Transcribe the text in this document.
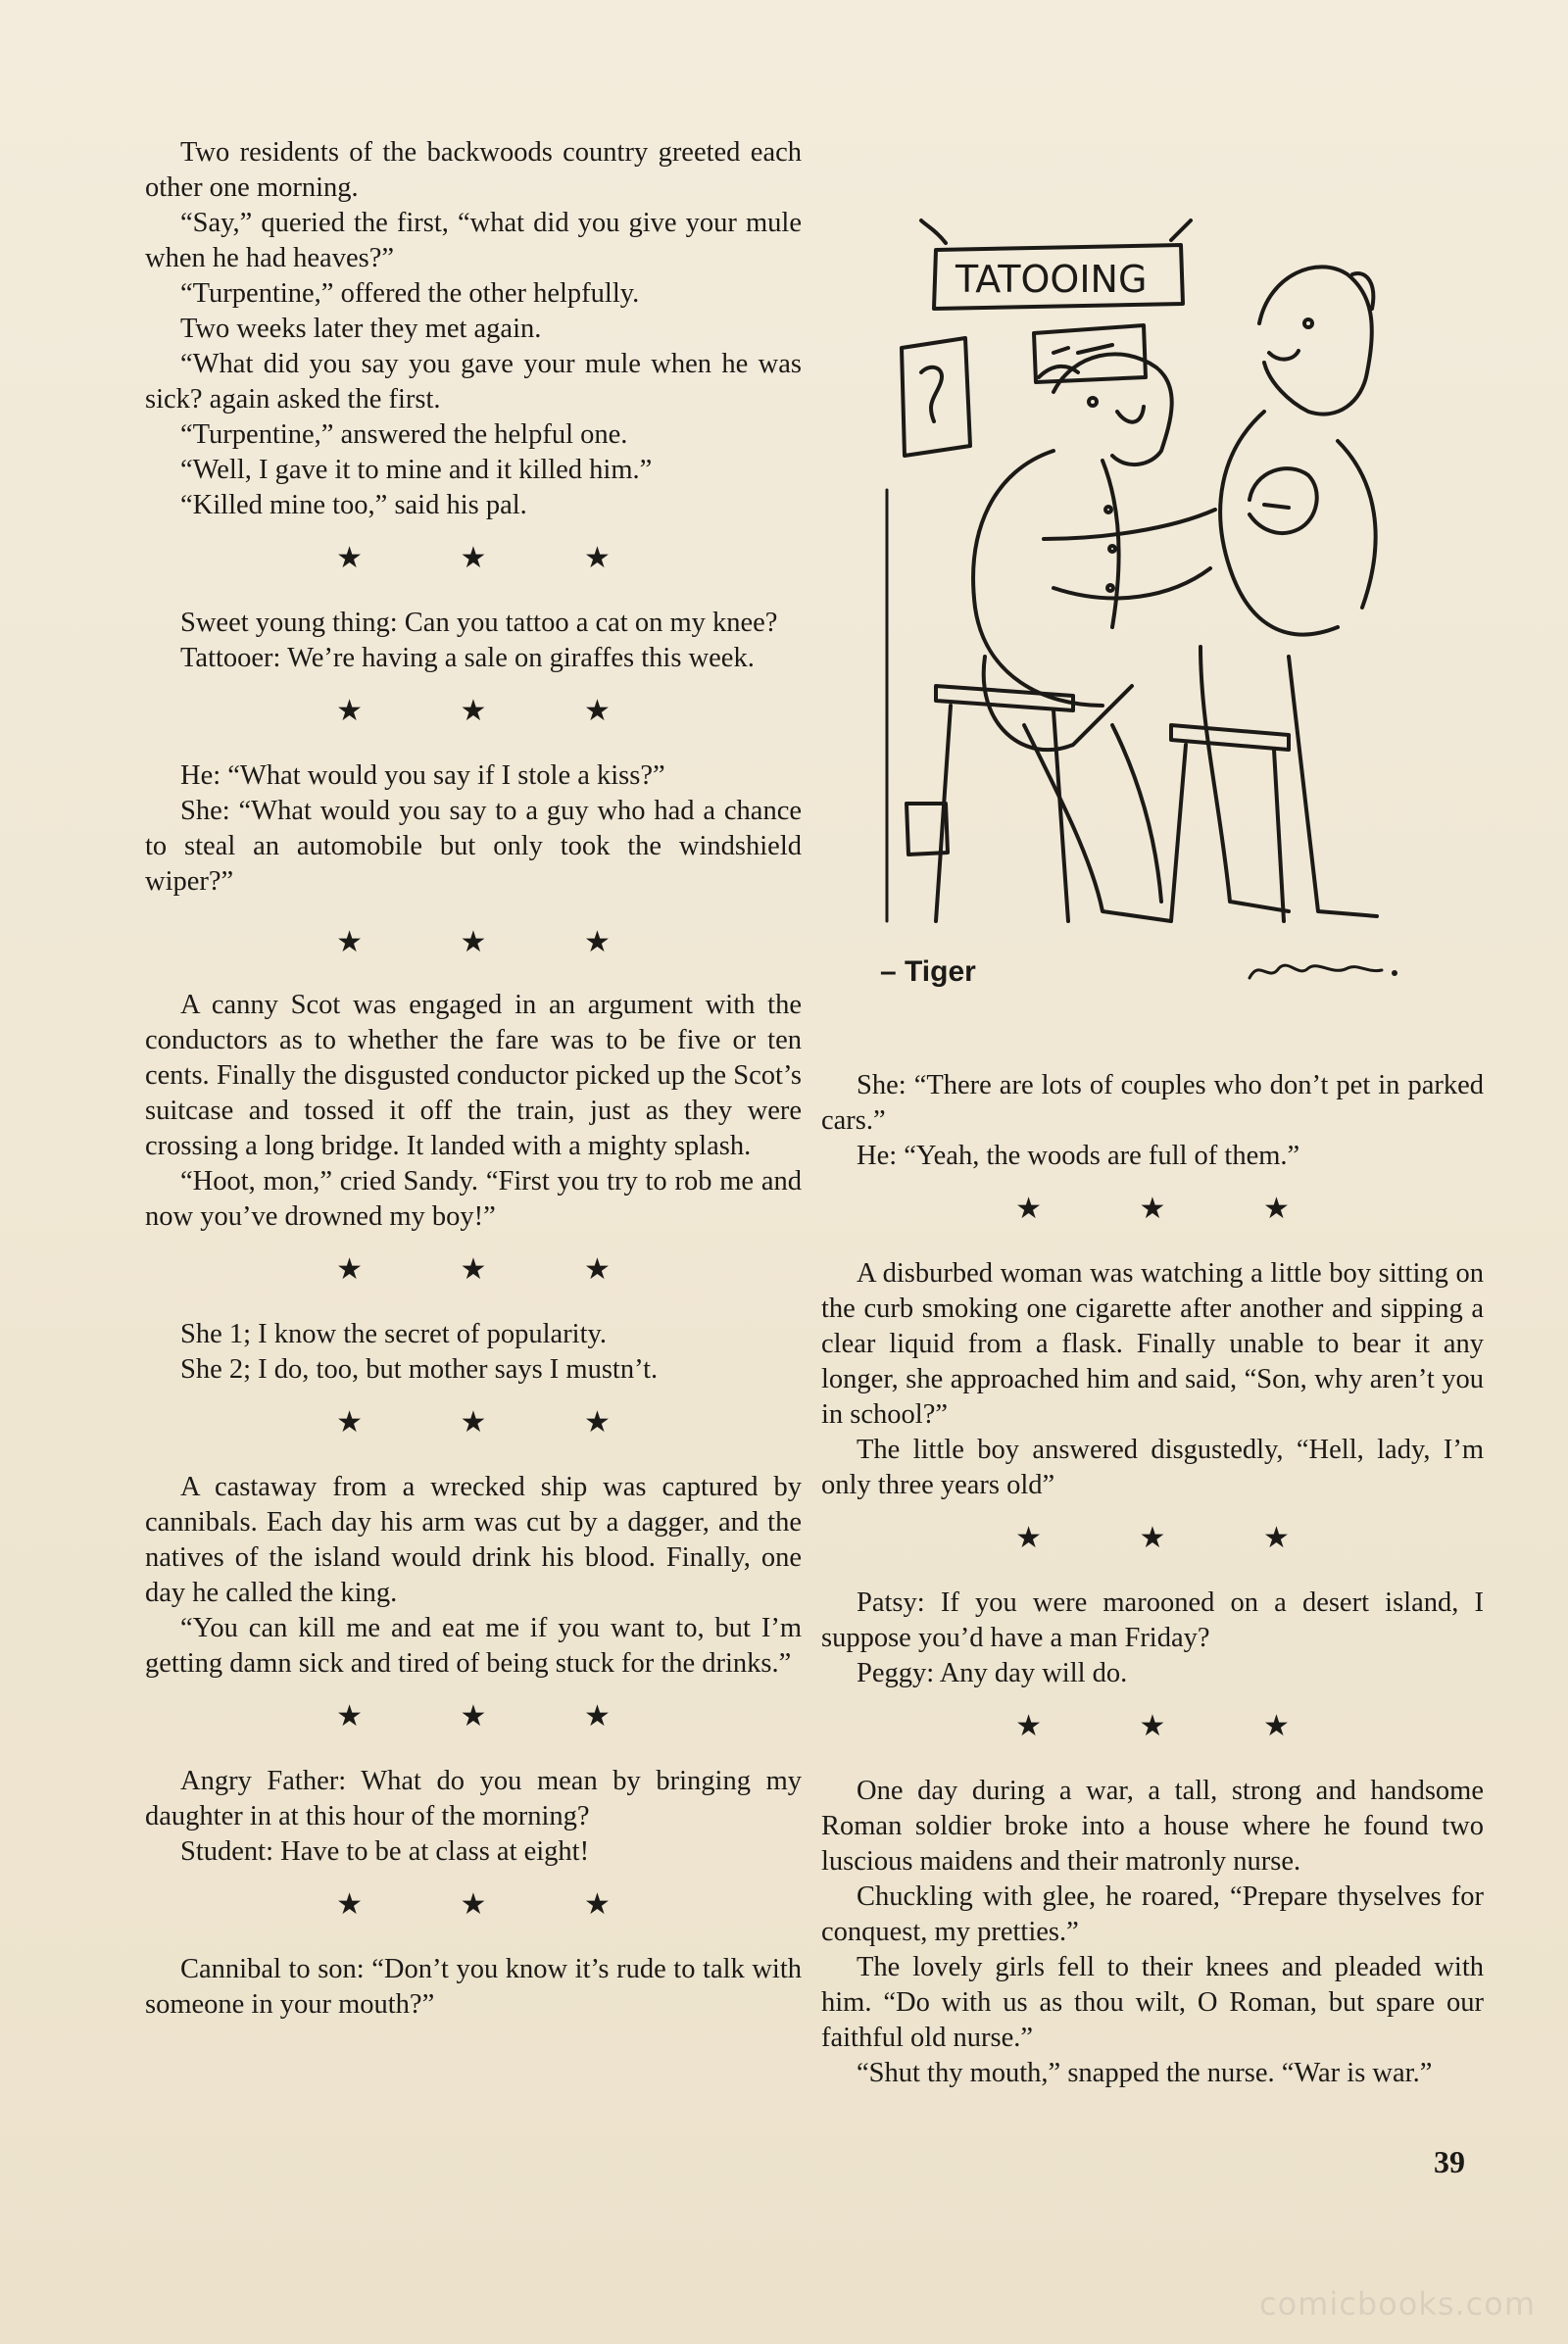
Two residents of the backwoods country greeted each other one morning.

“Say,” queried the first, “what did you give your mule when he had heaves?”

“Turpentine,” offered the other helpfully.

Two weeks later they met again.

“What did you say you gave your mule when he was sick? again asked the first.

“Turpentine,” answered the helpful one.

“Well, I gave it to mine and it killed him.”

“Killed mine too,” said his pal.

★ ★ ★

Sweet young thing: Can you tattoo a cat on my knee?

Tattooer: We’re having a sale on giraffes this week.

★ ★ ★

He: “What would you say if I stole a kiss?”

She: “What would you say to a guy who had a chance to steal an automobile but only took the windshield wiper?”

★ ★ ★

A canny Scot was engaged in an argument with the conductors as to whether the fare was to be five or ten cents. Finally the disgusted conductor picked up the Scot’s suitcase and tossed it off the train, just as they were crossing a long bridge. It landed with a mighty splash.

“Hoot, mon,” cried Sandy. “First you try to rob me and now you’ve drowned my boy!”

★ ★ ★

She 1; I know the secret of popularity.

She 2; I do, too, but mother says I mustn’t.

★ ★ ★

A castaway from a wrecked ship was captured by cannibals. Each day his arm was cut by a dagger, and the natives of the island would drink his blood. Finally, one day he called the king.

“You can kill me and eat me if you want to, but I’m getting damn sick and tired of being stuck for the drinks.”

★ ★ ★

Angry Father: What do you mean by bringing my daughter in at this hour of the morning?

Student: Have to be at class at eight!

★ ★ ★

Cannibal to son: “Don’t you know it’s rude to talk with someone in your mouth?”

TATOOING
– Tiger

She: “There are lots of couples who don’t pet in parked cars.”

He: “Yeah, the woods are full of them.”

★ ★ ★

A disburbed woman was watching a little boy sitting on the curb smoking one cigarette after another and sipping a clear liquid from a flask. Finally unable to bear it any longer, she approached him and said, “Son, why aren’t you in school?”

The little boy answered disgustedly, “Hell, lady, I’m only three years old”

★ ★ ★

Patsy: If you were marooned on a desert island, I suppose you’d have a man Friday?

Peggy: Any day will do.

★ ★ ★

One day during a war, a tall, strong and handsome Roman soldier broke into a house where he found two luscious maidens and their matronly nurse.

Chuckling with glee, he roared, “Prepare thyselves for conquest, my pretties.”

The lovely girls fell to their knees and pleaded with him. “Do with us as thou wilt, O Roman, but spare our faithful old nurse.”

“Shut thy mouth,” snapped the nurse. “War is war.”

39
comicbooks.com
